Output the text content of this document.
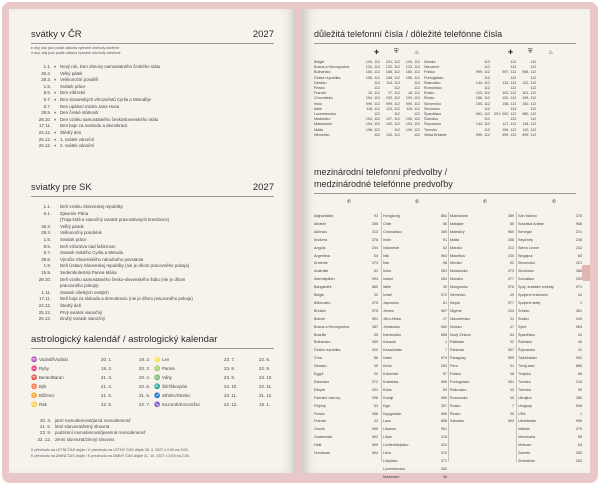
svátky v ČR	2027
♦ dny, kdy jsou podle zákona vybrané obchody zavřené
● dny, kdy jsou podle zákona vybrané obchody otevřené
1.1. ♦ Nový rok, Den obnovy samostatného českého státu
26.3. Velký pátek
29.3. ♦ Velikonoční pondělí
1.5. Svátek práce
8.5. ♦ Den vítězství
5.7. ♦ Den slovanských věrozvěstů Cyrila a Metoděje
6.7. Den upálení mistra Jana Husa
28.9. ♦ Den české státnosti
28.10. ♦ Den vzniku samostatného československého státu
17.11. Den boje za svobodu a demokracii
24.12. ♦ Štědrý den
25.12. ♦ 1. svátek vánoční
26.12. ♦ 2. svátek vánoční
sviatky pre SK	2027
1.1. Deň vzniku Slovenskej republiky
6.1. Zjavenie Pána
(Traja králi a vianočný sviatok pravoslávnych kresťanov)
26.3. Veľký piatok
29.3. Veľkonočný pondelok
1.5. Sviatok práce
8.5. Deň víťazstva nad fašizmom
5.7. Sviatok svätého Cyrila a Metoda
29.8. Výročie Slovenského národného povstania
1.9. Deň Ústavy Slovenskej republiky (nie je dňom pracovného pokoja)
15.9. Sedembolestná Panna Mária
28.10. Deň vzniku samostatného česko-slovenského štátu (nie je dňom
pracovného pokoja)
1.11. Sviatok všetkých svätých
17.11. Deň boja za slobodu a demokraciu (nie je dňom pracovného pokoja)
24.12. Štedrý deň
25.12. Prvý sviatok vianočný
26.12. Druhý sviatok vianočný
astrologický kalendář / astrologický kalendar
♒ Vodnář/Vodnár	20. 1.	18. 2.
♓ Ryby	19. 2.	20. 3.
♈ Beran/Baran	21. 3.	20. 4.
♉ Býk	21. 4.	20. 5.
♊ Blíženci	21. 5.	21. 6.
♋ Rak	22. 6.	22. 7.
♌ Lev	23. 7.	22. 8.
♍ Panna	23. 8.	22. 9.
♎ Váhy	23. 9.	23. 10.
♏ Štír/Škorpión	24. 10.	22. 11.
♐ Střelec/Strelec	23. 11.	21. 12.
♑ Kozoroh/Kozorožec	22. 12.	19. 1.
20. 3. jarní rovnodennost/jarná rovnodennosť
21. 6. letní slunovrat/letný slnovrat
23. 9. podzimní rovnodennost/jesenná rovnodennosť
22. 12. zimní slunovrat/zimný slnovrat
K přechodu na LETNÍ ČAS dojde / K prechodu na LETNÝ ČAS dôjde 28. 3. 2027 z 2:00 na 3:00.
K přechodu na ZIMNÍ ČAS dojde / K prechodu na ZIMNÝ ČAS dôjde 31. 10. 2027 z 3:00 na 2:00.
důležitá telefonní čísla / dôležité telefónne čísla
✚ ⛨	♨	✚ ⛨	♨
Belgie	100, 112	101, 112	100, 112	Norsko	113	112	110
Bosna a Hercegovina	124, 112	122, 112	123, 112	Nizozemí	112	112	112
Bulharsko	150, 112	166, 112	160, 112	Polsko	999, 112	997, 112	998, 112
Česká republika	155, 112	158, 112	150, 112	Portugalsko	112	112	112
Dánsko	112	114, 112	112	Rakousko	144, 112	133, 112	122, 112
Finsko	112	112	112	Rumunsko	112	112	112
Francie	15, 112	17, 112	18, 112	Rusko	103, 112	102, 112	101, 112
Chorvatsko	194, 112	192, 112	193, 112	Řecko	166, 112	100, 112	199, 112
Irsko	999, 112	999, 112	999, 112	Slovensko	155, 112	158, 112	150, 112
Itálie	118, 112	113, 112	115, 112	Slovinsko	112	113	112
Lucembursko	112	112	112	Španělsko	061, 112	091, 092, 112	080, 112
Maďarsko	104, 112	107, 112	105, 112	Švédsko	112	112	112
Makedonie	194, 112	192, 112	193, 112	Švýcarsko	144, 112	117, 112	118, 112
Malta	196, 112	112	199, 112	Turecko	112	155, 112	110, 112
Německo	112	110, 112	112	Velká Británie	999, 112	999, 112	999, 112
mezinárodní telefonní předvolby /
medzinárodné telefónne predvoľby
✆	✆	✆	✆
Afghánistán	93
Albánie	355
Alžírsko	213
Andorra	376
Angola	244
Argentina	54
Arménie	374
Austrálie	61
Ázerbájdžán	994
Bangladéš	880
Belgie	32
Bělorusko	375
Bhútán	975
Bolívie	591
Bosna a Hercegovina	387
Brazílie	55
Bulharsko	359
Česká republika	420
Čína	86
Dánsko	45
Egypt	20
Estonsko	372
Etiopie	251
Faerské ostrovy	298
Filipíny	63
Finsko	358
Francie	33
Gruzie	995
Guatemala	502
Haiti	509
Honduras	504
Hongkong	852
Chile	56
Chorvatsko	385
Indie	91
Indonésie	62
Irák	964
Írán	98
Irsko	353
Island	354
Itálie	39
Izrael	972
Japonsko	81
Jemen	967
Jižní Afrika	27
Jordánsko	962
Kambodža	855
Kanada	1
Kazachstán	7
Katar	974
Keňa	254
Kolumbie	57
Kostarika	506
Kuba	53
Kuvajt	965
Kypr	357
Kyrgyzstán	996
Laos	856
Libanon	961
Libye	218
Lichtenštejnsko	423
Litva	370
Lotyšsko	371
Lucembursko	352
Maďarsko	36
Makedonie	389
Malajsie	60
Maledivy	960
Malta	356
Maroko	212
Mauritius	230
Mexiko	52
Moldavsko	373
Monako	377
Mongolsko	976
Německo	49
Nepál	977
Nigérie	234
Nizozemsko	31
Norsko	47
Nový Zéland	64
Pákistán	92
Panama	507
Paraguay	595
Peru	51
Polsko	48
Portugalsko	351
Rakousko	43
Rumunsko	40
Rusko	7
Řecko	30
Salvador	503
San Marino	378
Saúdská Arábie	966
Senegal	221
Seychely	248
Sierra Leone	232
Singapur	65
Slovensko	421
Slovinsko	386
Somálsko	252
Spoj. arabské emiráty	971
Spojené království	44
Spojené státy	1
Srbsko	381
Súdán	249
Sýrie	963
Španělsko	34
Švédsko	46
Švýcarsko	41
Tádžikistán	992
Tchaj-wan	886
Thajsko	66
Tunisko	216
Turecko	90
Ukrajina	380
Uruguay	598
USA	1
Uzbekistán	998
Vatikán	379
Venezuela	58
Vietnam	84
Zambie	260
Zimbabwe	263
